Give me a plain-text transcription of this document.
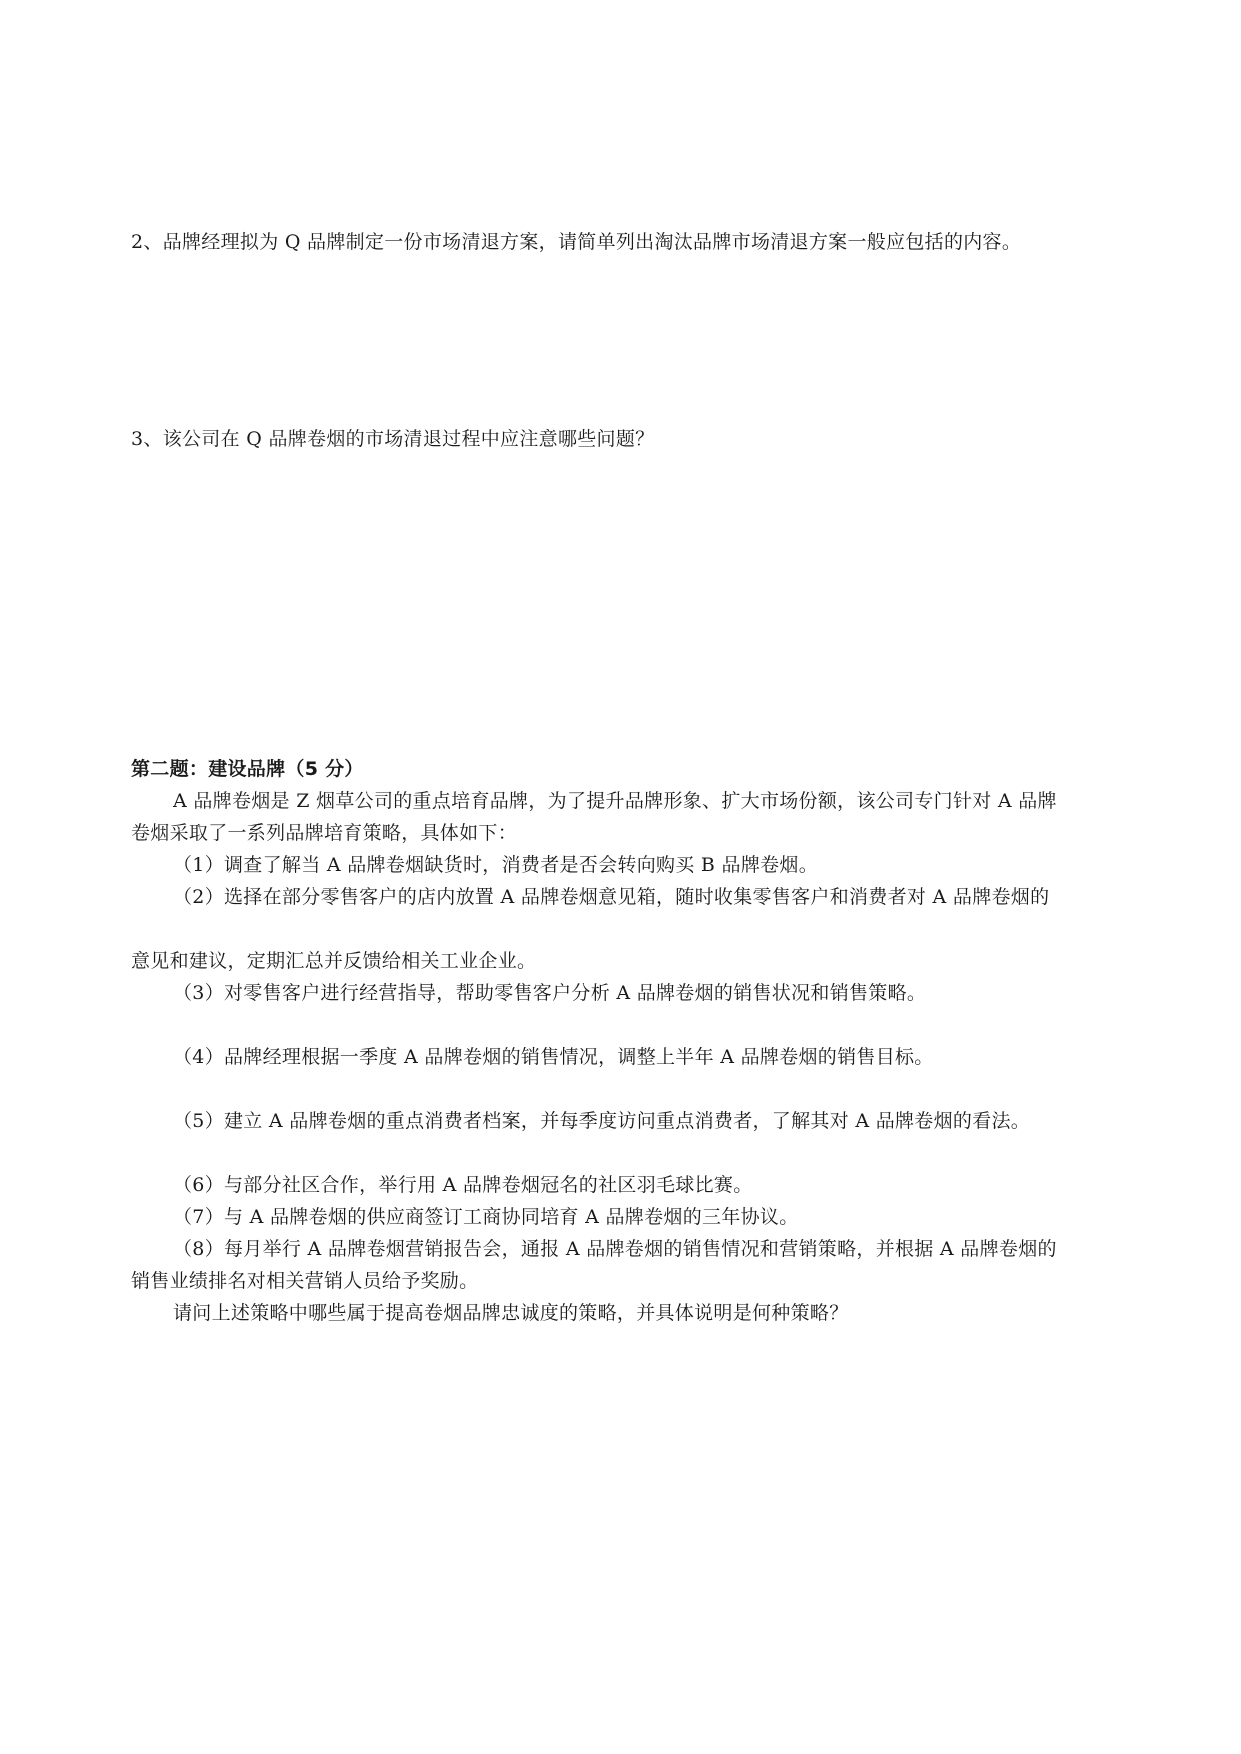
2、品牌经理拟为 Q 品牌制定一份市场清退方案，请简单列出淘汰品牌市场清退方案一般应包括的内容。
3、该公司在 Q 品牌卷烟的市场清退过程中应注意哪些问题？
第二题：建设品牌（5 分）
A 品牌卷烟是 Z 烟草公司的重点培育品牌，为了提升品牌形象、扩大市场份额，该公司专门针对 A 品牌
卷烟采取了一系列品牌培育策略，具体如下：
（1）调查了解当 A 品牌卷烟缺货时，消费者是否会转向购买 B 品牌卷烟。
（2）选择在部分零售客户的店内放置 A 品牌卷烟意见箱，随时收集零售客户和消费者对 A 品牌卷烟的
意见和建议，定期汇总并反馈给相关工业企业。
（3）对零售客户进行经营指导，帮助零售客户分析 A 品牌卷烟的销售状况和销售策略。
（4）品牌经理根据一季度 A 品牌卷烟的销售情况，调整上半年 A 品牌卷烟的销售目标。
（5）建立 A 品牌卷烟的重点消费者档案，并每季度访问重点消费者，了解其对 A 品牌卷烟的看法。
（6）与部分社区合作，举行用 A 品牌卷烟冠名的社区羽毛球比赛。
（7）与 A 品牌卷烟的供应商签订工商协同培育 A 品牌卷烟的三年协议。
（8）每月举行 A 品牌卷烟营销报告会，通报 A 品牌卷烟的销售情况和营销策略，并根据 A 品牌卷烟的
销售业绩排名对相关营销人员给予奖励。
请问上述策略中哪些属于提高卷烟品牌忠诚度的策略，并具体说明是何种策略？
